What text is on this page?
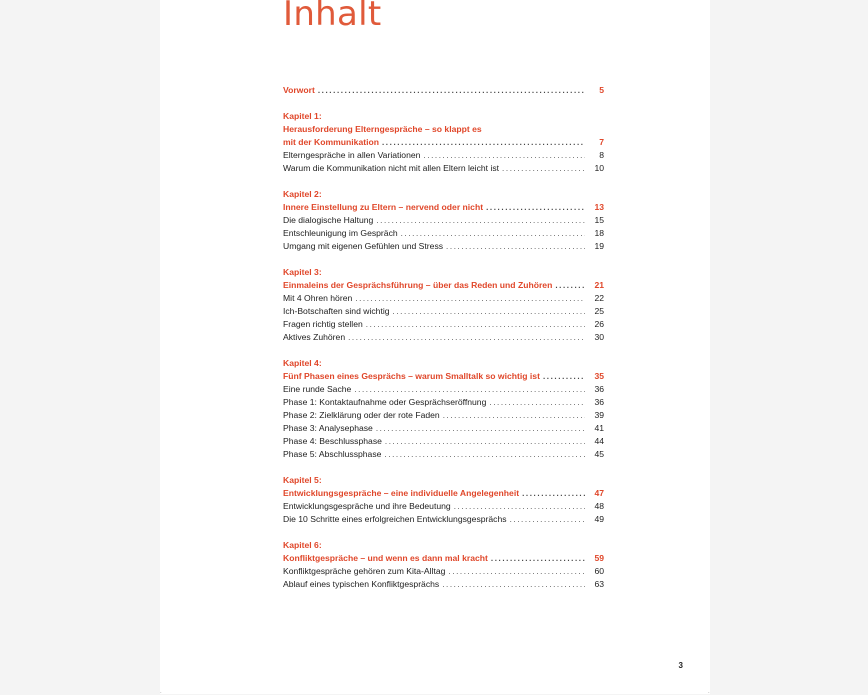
Inhalt
Vorwort .....	5
Kapitel 1:
Herausforderung Elterngespräche – so klappt es
mit der Kommunikation .....	7
Elterngespräche in allen Variationen .....	8
Warum die Kommunikation nicht mit allen Eltern leicht ist .....	10
Kapitel 2:
Innere Einstellung zu Eltern – nervend oder nicht .....	13
Die dialogische Haltung .....	15
Entschleunigung im Gespräch .....	18
Umgang mit eigenen Gefühlen und Stress .....	19
Kapitel 3:
Einmaleins der Gesprächsführung – über das Reden und Zuhören .....	21
Mit 4 Ohren hören .....	22
Ich-Botschaften sind wichtig .....	25
Fragen richtig stellen .....	26
Aktives Zuhören .....	30
Kapitel 4:
Fünf Phasen eines Gesprächs – warum Smalltalk so wichtig ist .....	35
Eine runde Sache .....	36
Phase 1: Kontaktaufnahme oder Gesprächseröffnung .....	36
Phase 2: Zielklärung oder der rote Faden .....	39
Phase 3: Analysephase .....	41
Phase 4: Beschlussphase .....	44
Phase 5: Abschlussphase .....	45
Kapitel 5:
Entwicklungsgespräche – eine individuelle Angelegenheit .....	47
Entwicklungsgespräche und ihre Bedeutung .....	48
Die 10 Schritte eines erfolgreichen Entwicklungsgesprächs .....	49
Kapitel 6:
Konfliktgespräche – und wenn es dann mal kracht .....	59
Konfliktgespräche gehören zum Kita-Alltag .....	60
Ablauf eines typischen Konfliktgesprächs .....	63
3
.	.
